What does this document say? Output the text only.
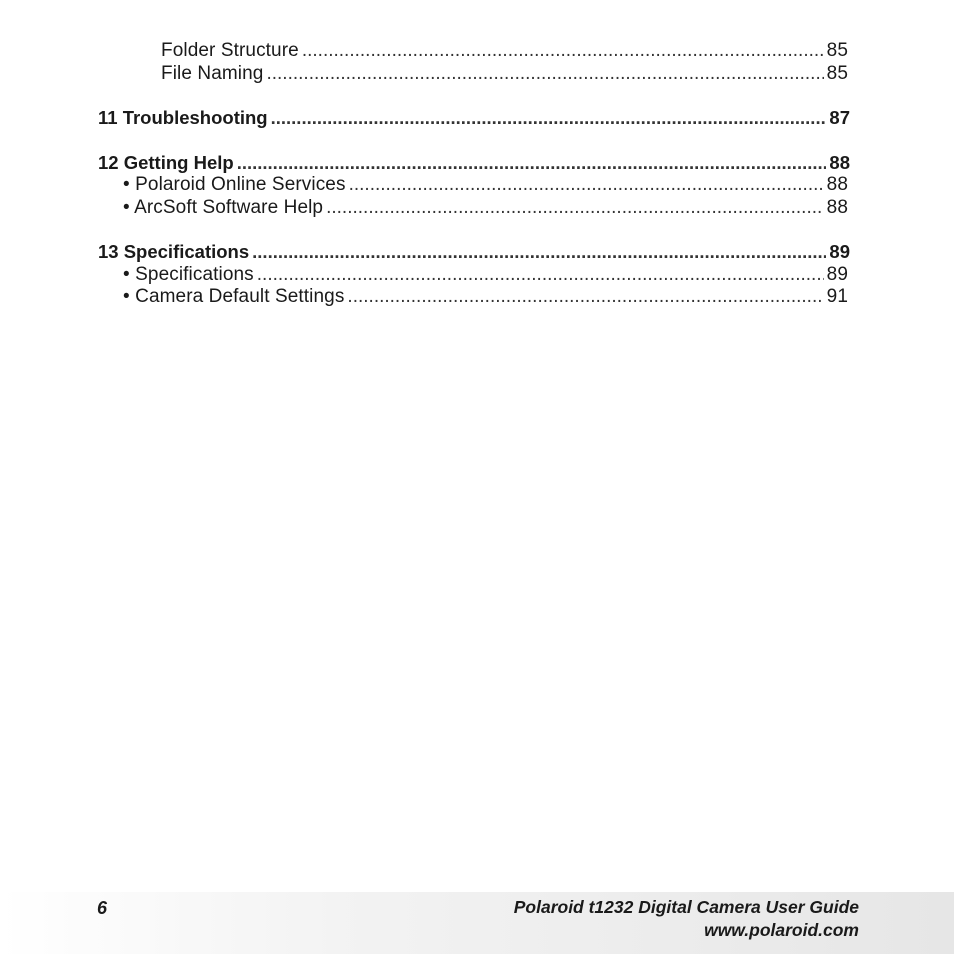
Folder Structure .....	85
File Naming .....	85
11 Troubleshooting .....	87
12 Getting Help .....	88
• Polaroid Online Services .....	88
• ArcSoft Software Help .....	88
13 Specifications .....	89
• Specifications .....	89
• Camera Default Settings .....	91
6	Polaroid t1232 Digital Camera User Guide
www.polaroid.com
